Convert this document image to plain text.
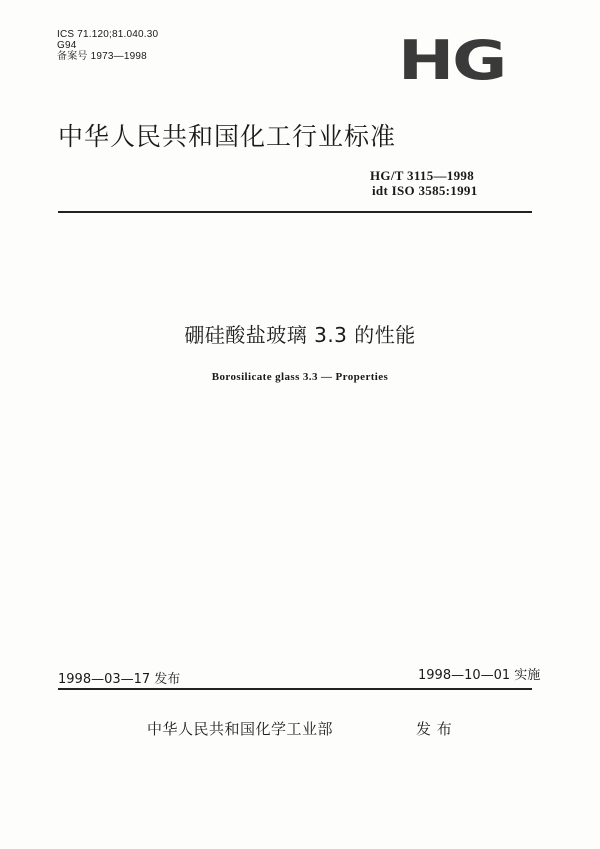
ICS 71.120;81.040.30
G94
备案号 1973—1998	HG
中华人民共和国化工行业标准
HG/T 3115—1998
idt ISO 3585:1991
硼硅酸盐玻璃 3.3 的性能
Borosilicate glass 3.3 — Properties
1998—03—17 发布	1998—10—01 实施
中华人民共和国化学工业部	发 布
